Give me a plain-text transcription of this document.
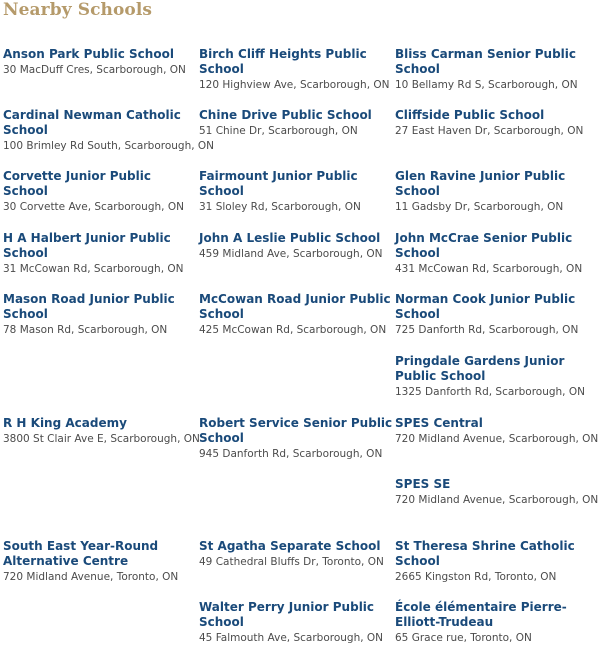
Nearby Schools
Anson Park Public School
30 MacDuff Cres, Scarborough, ON
Birch Cliff Heights Public School
120 Highview Ave, Scarborough, ON
Bliss Carman Senior Public School
10 Bellamy Rd S, Scarborough, ON
Cardinal Newman Catholic School
100 Brimley Rd South, Scarborough, ON
Chine Drive Public School
51 Chine Dr, Scarborough, ON
Cliffside Public School
27 East Haven Dr, Scarborough, ON
Corvette Junior Public School
30 Corvette Ave, Scarborough, ON
Fairmount Junior Public School
31 Sloley Rd, Scarborough, ON
Glen Ravine Junior Public School
11 Gadsby Dr, Scarborough, ON
H A Halbert Junior Public School
31 McCowan Rd, Scarborough, ON
John A Leslie Public School
459 Midland Ave, Scarborough, ON
John McCrae Senior Public School
431 McCowan Rd, Scarborough, ON
Mason Road Junior Public School
78 Mason Rd, Scarborough, ON
McCowan Road Junior Public School
425 McCowan Rd, Scarborough, ON
Norman Cook Junior Public School
725 Danforth Rd, Scarborough, ON
Pringdale Gardens Junior Public School
1325 Danforth Rd, Scarborough, ON
R H King Academy
3800 St Clair Ave E, Scarborough, ON
Robert Service Senior Public School
945 Danforth Rd, Scarborough, ON
SPES Central
720 Midland Avenue, Scarborough, ON
SPES SE
720 Midland Avenue, Scarborough, ON
South East Year-Round Alternative Centre
720 Midland Avenue, Toronto, ON
St Agatha Separate School
49 Cathedral Bluffs Dr, Toronto, ON
St Theresa Shrine Catholic School
2665 Kingston Rd, Toronto, ON
Walter Perry Junior Public School
45 Falmouth Ave, Scarborough, ON
École élémentaire Pierre-Elliott-Trudeau
65 Grace rue, Toronto, ON
